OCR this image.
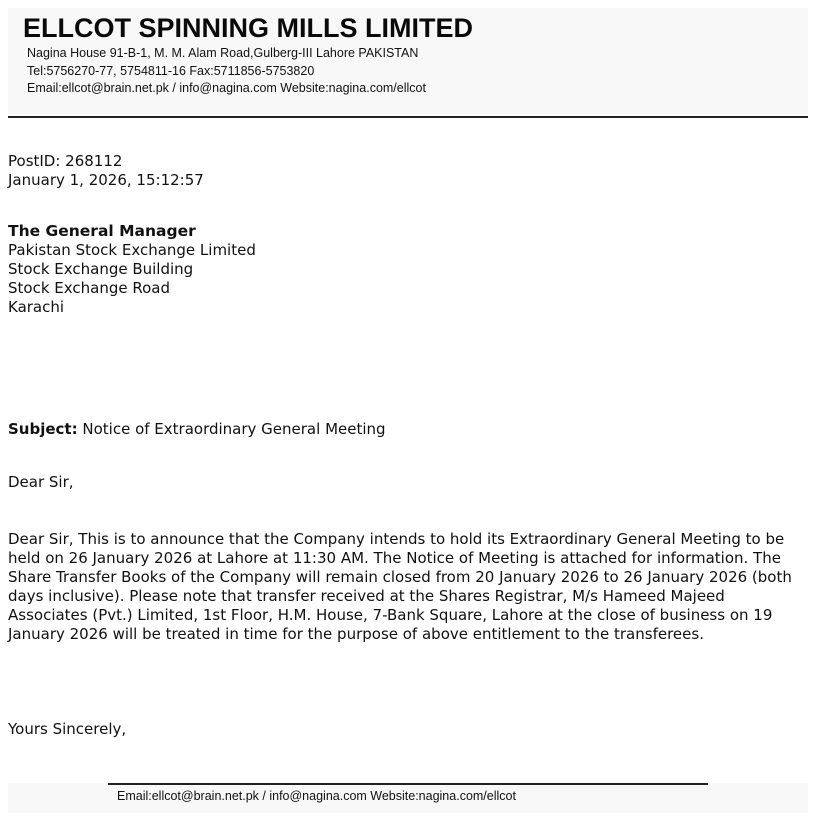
ELLCOT SPINNING MILLS LIMITED
Nagina House 91-B-1, M. M. Alam Road,Gulberg-III Lahore PAKISTAN
Tel:5756270-77, 5754811-16 Fax:5711856-5753820
Email:ellcot@brain.net.pk / info@nagina.com Website:nagina.com/ellcot
PostID: 268112
January 1, 2026, 15:12:57
The General Manager
Pakistan Stock Exchange Limited
Stock Exchange Building
Stock Exchange Road
Karachi
Subject: Notice of Extraordinary General Meeting
Dear Sir,
Dear Sir, This is to announce that the Company intends to hold its Extraordinary General Meeting to be held on 26 January 2026 at Lahore at 11:30 AM. The Notice of Meeting is attached for information. The Share Transfer Books of the Company will remain closed from 20 January 2026 to 26 January 2026 (both days inclusive). Please note that transfer received at the Shares Registrar, M/s Hameed Majeed Associates (Pvt.) Limited, 1st Floor, H.M. House, 7-Bank Square, Lahore at the close of business on 19 January 2026 will be treated in time for the purpose of above entitlement to the transferees.
Yours Sincerely,
Email:ellcot@brain.net.pk / info@nagina.com Website:nagina.com/ellcot
